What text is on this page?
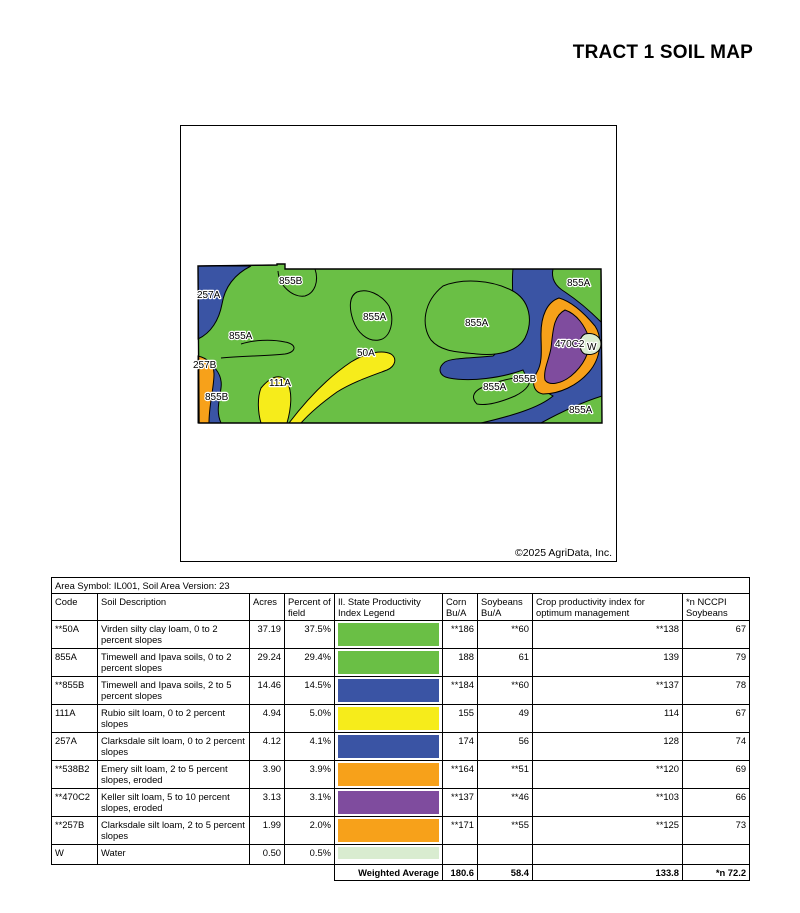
TRACT 1 SOIL MAP
257A
855B
855A
855A
855A
50A
257B
111A
855B
855A
470C2 W
855B
855A
855A
©2025 AgriData, Inc.
Area Symbol: IL001, Soil Area Version: 23								
Code	Soil Description	Acres	Percent of field	Il. State Productivity Index Legend	Corn Bu/A	Soybeans Bu/A	Crop productivity index for optimum management	*n NCCPI Soybeans
**50A	Virden silty clay loam, 0 to 2 percent slopes	37.19	37.5%		**186	**60	**138	67
855A	Timewell and Ipava soils, 0 to 2 percent slopes	29.24	29.4%		188	61	139	79
**855B	Timewell and Ipava soils, 2 to 5 percent slopes	14.46	14.5%		**184	**60	**137	78
111A	Rubio silt loam, 0 to 2 percent slopes	4.94	5.0%		155	49	114	67
257A	Clarksdale silt loam, 0 to 2 percent slopes	4.12	4.1%		174	56	128	74
**538B2	Emery silt loam, 2 to 5 percent slopes, eroded	3.90	3.9%		**164	**51	**120	69
**470C2	Keller silt loam, 5 to 10 percent slopes, eroded	3.13	3.1%		**137	**46	**103	66
**257B	Clarksdale silt loam, 2 to 5 percent slopes	1.99	2.0%		**171	**55	**125	73
W	Water	0.50	0.5%	

				Weighted Average	180.6	58.4	133.8	*n 72.2
